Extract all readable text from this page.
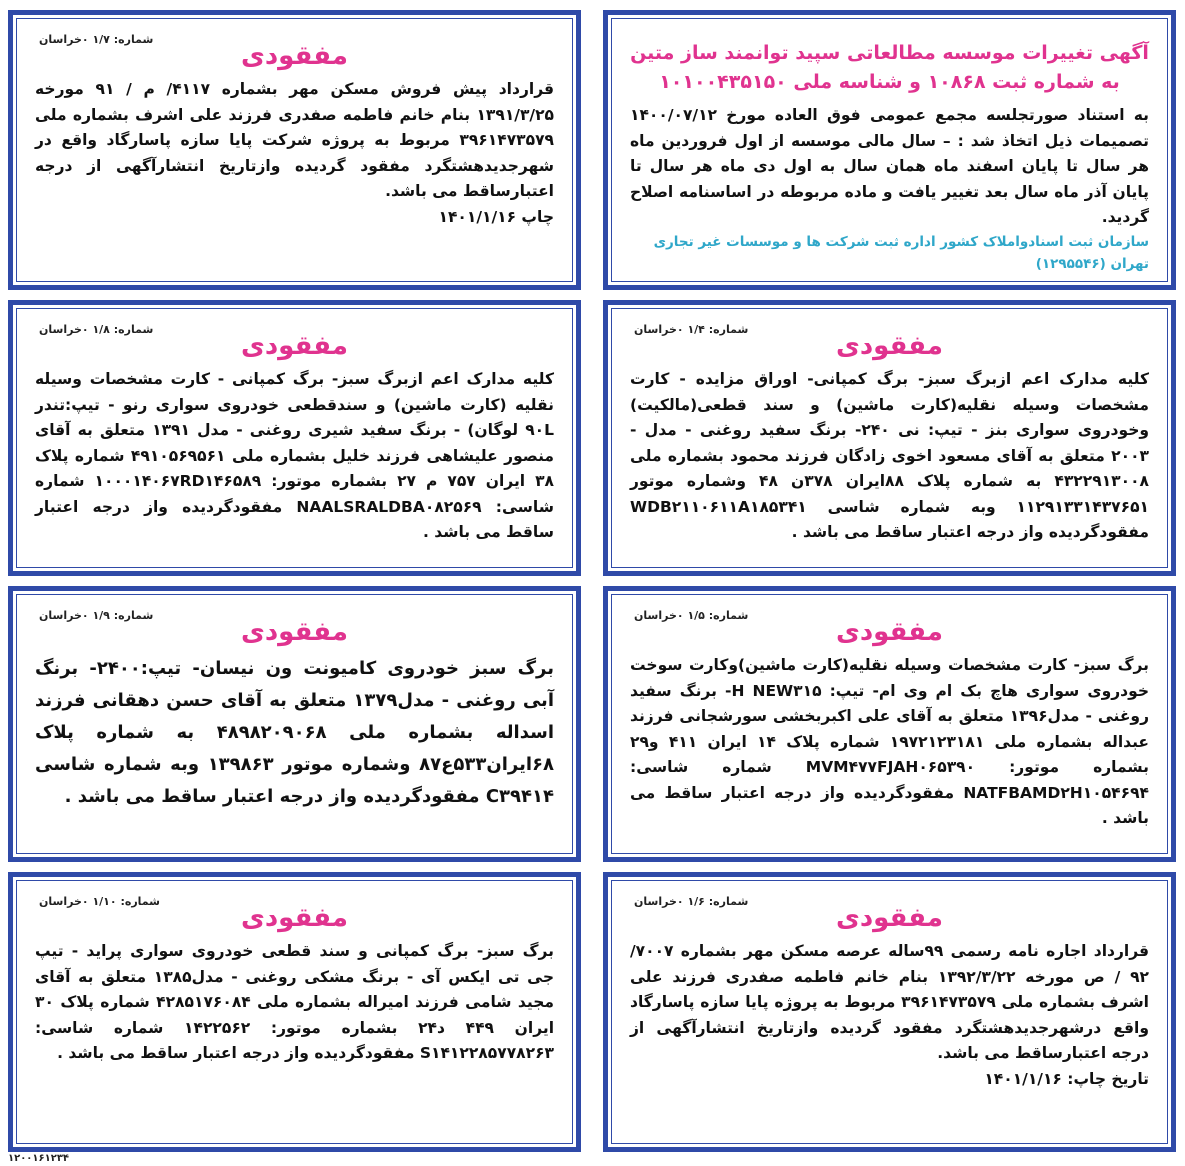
شماره: ۱/۷ ۰خراسان
مفقودی
قرارداد پیش فروش مسکن مهر بشماره ۴۱۱۷/ م / ۹۱ مورخه ۱۳۹۱/۳/۲۵ بنام خانم فاطمه صفدری فرزند علی اشرف بشماره ملی ۳۹۶۱۴۷۳۵۷۹ مربوط به پروژه شرکت پایا سازه پاسارگاد واقع در شهرجدیدهشتگرد مفقود گردیده وازتاریخ انتشارآگهی از درجه اعتبارساقط می باشد.
چاپ ۱۴۰۱/۱/۱۶
آگهی تغییرات موسسه مطالعاتی سپید توانمند ساز متین به شماره ثبت ۱۰۸۶۸ و شناسه ملی ۱۰۱۰۰۴۳۵۱۵۰
به استناد صورتجلسه مجمع عمومی فوق العاده مورخ ۱۴۰۰/۰۷/۱۲ تصمیمات ذیل اتخاذ شد : – سال مالی موسسه از اول فروردین ماه هر سال تا پایان اسفند ماه همان سال به اول دی ماه هر سال تا پایان آذر ماه سال بعد تغییر یافت و ماده مربوطه در اساسنامه اصلاح گردید.
سازمان ثبت اسنادواملاک کشور اداره ثبت شرکت ها و موسسات غیر تجاری تهران (۱۲۹۵۵۴۶)
شماره: ۱/۸ ۰خراسان
مفقودی
کلیه مدارک اعم ازبرگ سبز- برگ کمپانی - کارت مشخصات وسیله نقلیه (کارت ماشین) و سندقطعی خودروی سواری رنو - تیپ:تندر ۹۰L لوگان) - برنگ سفید شیری روغنی - مدل ۱۳۹۱ متعلق به آقای منصور علیشاهی فرزند خلیل بشماره ملی ۴۹۱۰۵۶۹۵۶۱ شماره پلاک ۳۸ ایران ۷۵۷ م ۲۷ بشماره موتور: ۱۰۰۰۱۴۰۶۷RD۱۴۶۵۸۹ شماره شاسی: NAALSRALDBA۰۸۲۵۶۹ مفقودگردیده واز درجه اعتبار ساقط می باشد .
شماره: ۱/۴ ۰خراسان
مفقودی
کلیه مدارک اعم ازبرگ سبز- برگ کمپانی- اوراق مزایده - کارت مشخصات وسیله نقلیه(کارت ماشین) و سند قطعی(مالکیت) وخودروی سواری بنز - تیپ: نی ۲۴۰- برنگ سفید روغنی - مدل - ۲۰۰۳ متعلق به آقای مسعود اخوی زادگان فرزند محمود بشماره ملی ۴۳۲۲۹۱۳۰۰۸ به شماره پلاک ۸۸ایران ۳۷۸ن ۴۸ وشماره موتور ۱۱۲۹۱۳۳۱۴۳۷۶۵۱ وبه شماره شاسی WDB۲۱۱۰۶۱۱A۱۸۵۳۴۱ مفقودگردیده واز درجه اعتبار ساقط می باشد .
شماره: ۱/۹ ۰خراسان
مفقودی
برگ سبز خودروی کامیونت ون نیسان- تیپ:۲۴۰۰- برنگ آبی روغنی - مدل۱۳۷۹ متعلق به آقای حسن دهقانی فرزند اسداله بشماره ملی ۴۸۹۸۲۰۹۰۶۸ به شماره پلاک ۶۸ایران۵۳۳ع۸۷ وشماره موتور ۱۳۹۸۶۳ وبه شماره شاسی C۳۹۴۱۴ مفقودگردیده واز درجه اعتبار ساقط می باشد .
شماره: ۱/۵ ۰خراسان
مفقودی
برگ سبز- کارت مشخصات وسیله نقلیه(کارت ماشین)وکارت سوخت خودروی سواری هاچ بک ام وی ام- تیپ: H NEW۳۱۵- برنگ سفید روغنی - مدل۱۳۹۶ متعلق به آقای علی اکبربخشی سورشجانی فرزند عبداله بشماره ملی ۱۹۷۲۱۲۳۱۸۱ شماره پلاک ۱۴ ایران ۴۱۱ و۲۹ بشماره موتور: MVM۴۷۷FJAH۰۶۵۳۹۰ شماره شاسی: NATFBAMD۲H۱۰۵۴۶۹۴ مفقودگردیده واز درجه اعتبار ساقط می باشد .
شماره: ۱/۱۰ ۰خراسان
مفقودی
برگ سبز- برگ کمپانی و سند قطعی خودروی سواری پراید - تیپ جی تی ایکس آی - برنگ مشکی روغنی - مدل۱۳۸۵ متعلق به آقای مجید شامی فرزند امیراله بشماره ملی ۴۲۸۵۱۷۶۰۸۴ شماره پلاک ۳۰ ایران ۴۴۹ د۲۴ بشماره موتور: ۱۴۲۲۵۶۲ شماره شاسی: S۱۴۱۲۲۸۵۷۷۸۲۶۳ مفقودگردیده واز درجه اعتبار ساقط می باشد .
شماره: ۱/۶ ۰خراسان
مفقودی
قرارداد اجاره نامه رسمی ۹۹ساله عرصه مسکن مهر بشماره ۷۰۰۷/ ۹۲ / ص مورخه ۱۳۹۲/۳/۲۲ بنام خانم فاطمه صفدری فرزند علی اشرف بشماره ملی ۳۹۶۱۴۷۳۵۷۹ مربوط به پروژه پایا سازه پاسارگاد واقع درشهرجدیدهشتگرد مفقود گردیده وازتاریخ انتشارآگهی از درجه اعتبارساقط می باشد.
تاریخ چاپ: ۱۴۰۱/۱/۱۶
۱۲۰۰۱۶۱۲۳۴
